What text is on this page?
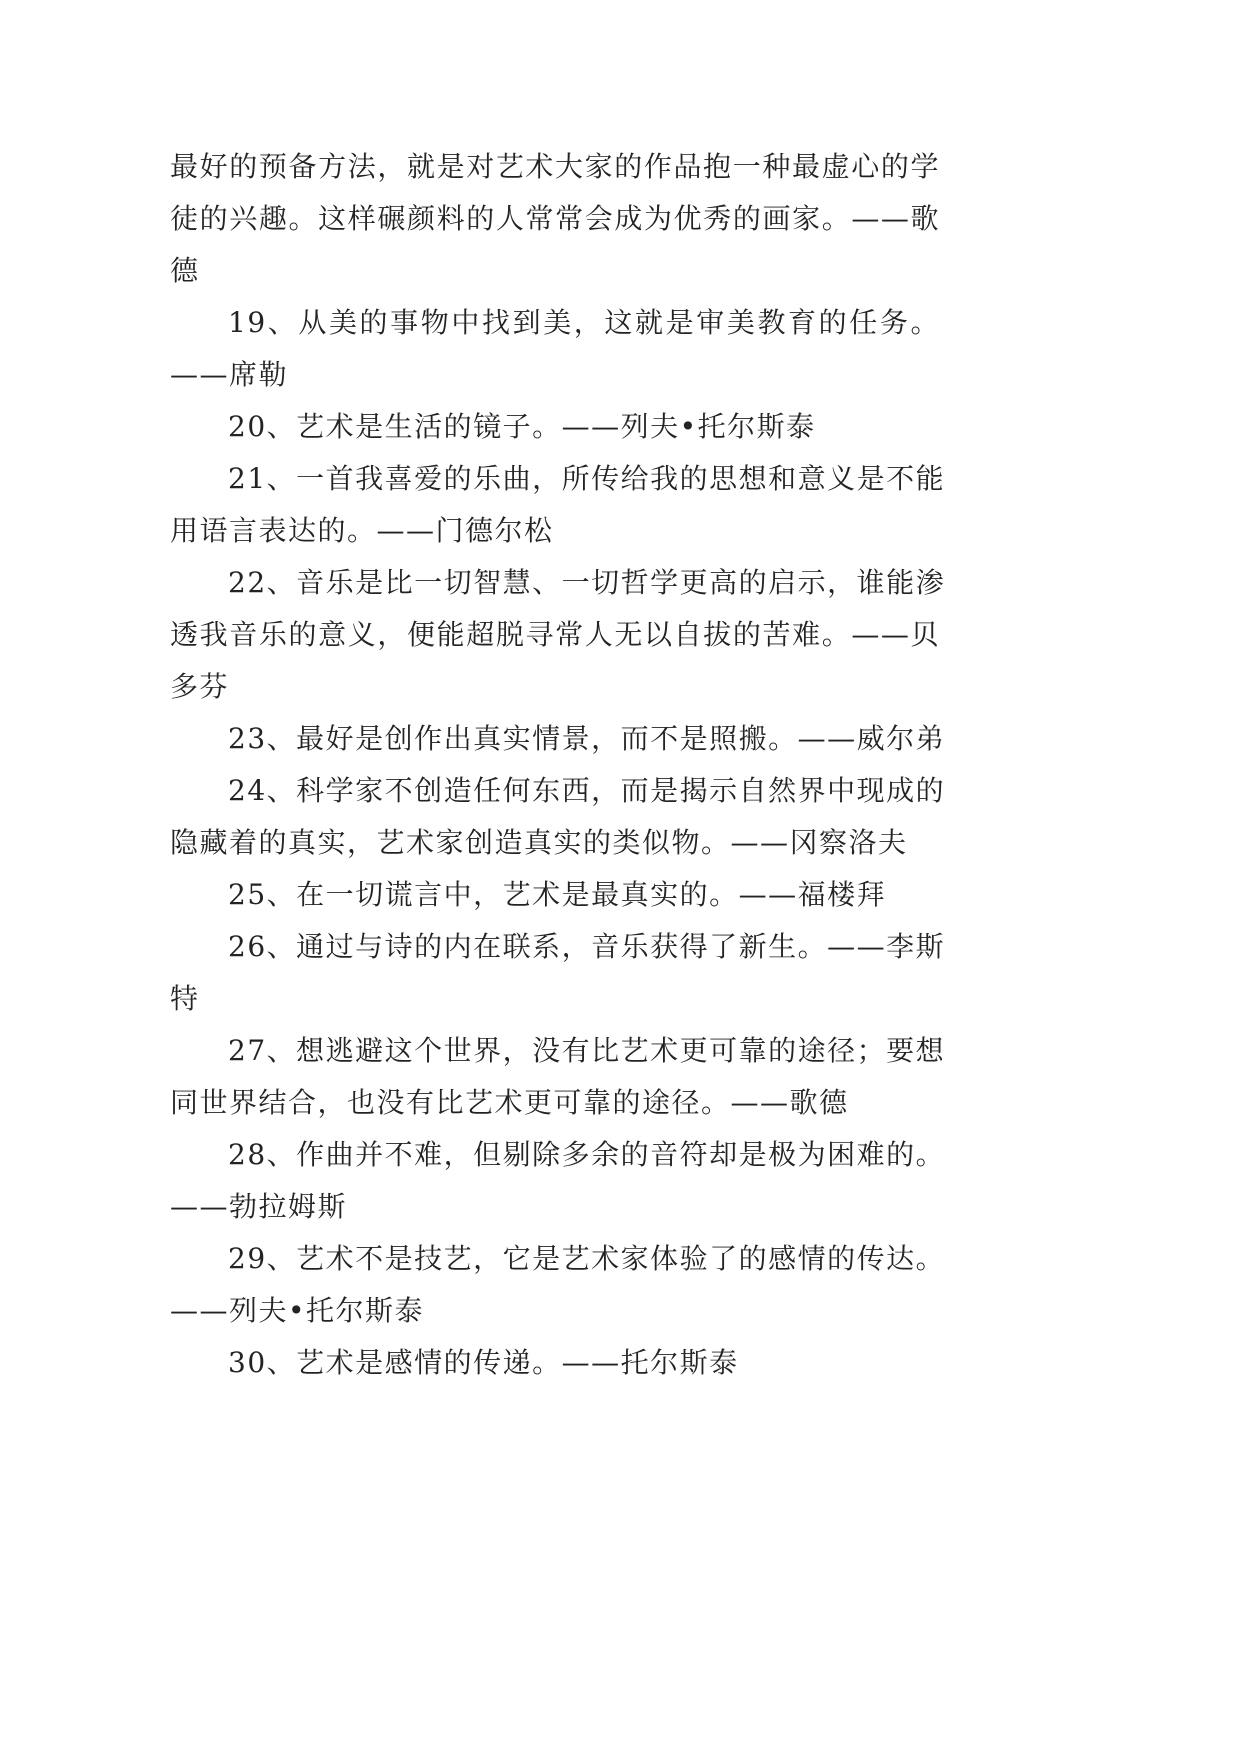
最好的预备方法，就是对艺术大家的作品抱一种最虚心的学
徒的兴趣。这样碾颜料的人常常会成为优秀的画家。——歌
德
19、从美的事物中找到美，这就是审美教育的任务。
——席勒
20、艺术是生活的镜子。——列夫•托尔斯泰
21、一首我喜爱的乐曲，所传给我的思想和意义是不能
用语言表达的。——门德尔松
22、音乐是比一切智慧、一切哲学更高的启示，谁能渗
透我音乐的意义，便能超脱寻常人无以自拔的苦难。——贝
多芬
23、最好是创作出真实情景，而不是照搬。——威尔弟
24、科学家不创造任何东西，而是揭示自然界中现成的
隐藏着的真实，艺术家创造真实的类似物。——冈察洛夫
25、在一切谎言中，艺术是最真实的。——福楼拜
26、通过与诗的内在联系，音乐获得了新生。——李斯
特
27、想逃避这个世界，没有比艺术更可靠的途径；要想
同世界结合，也没有比艺术更可靠的途径。——歌德
28、作曲并不难，但剔除多余的音符却是极为困难的。
——勃拉姆斯
29、艺术不是技艺，它是艺术家体验了的感情的传达。
——列夫•托尔斯泰
30、艺术是感情的传递。——托尔斯泰
